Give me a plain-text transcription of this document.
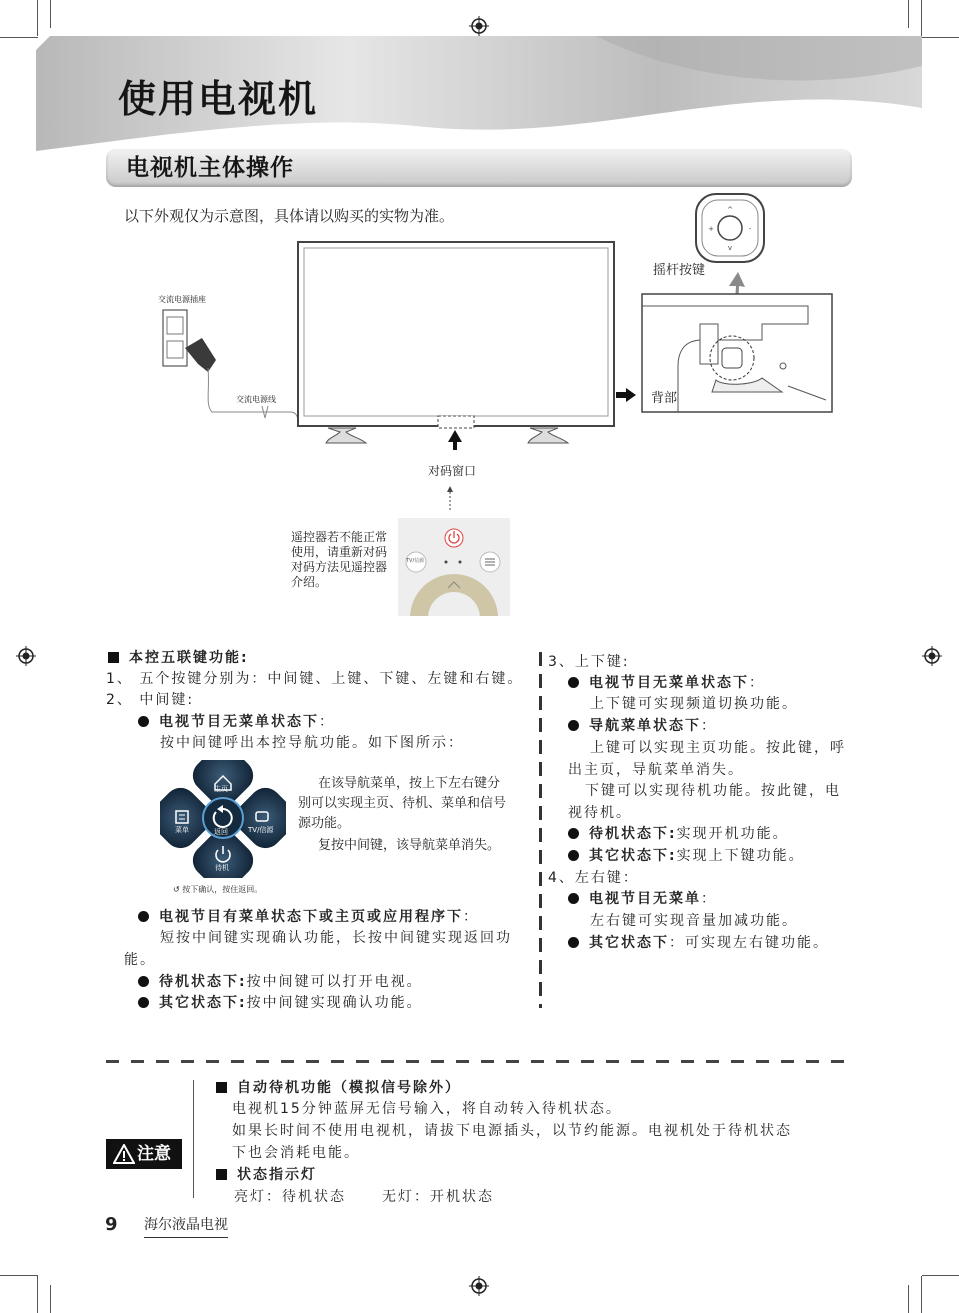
使用电视机
电视机主体操作
以下外观仅为示意图，具体请以购买的实物为准。
交流电源插座
交流电源线
对码窗口
^
v
+	-
摇杆按键
背部
遥控器若不能正常
使用，请重新对码
对码方法见遥控器
介绍。
TV/信源
本控五联键功能:
1、 五个按键分别为：中间键、上键、下键、左键和右键。
2、 中间键:
电视节目无菜单状态下：
按中间键呼出本控导航功能。如下图所示：
主页
菜单	返回	TV/信源
待机
↺ 按下确认，按住返回。
在该导航菜单，按上下左右键分
别可以实现主页、待机、菜单和信号
源功能。
复按中间键，该导航菜单消失。
电视节目有菜单状态下或主页或应用程序下：
短按中间键实现确认功能，长按中间键实现返回功
能。
待机状态下:按中间键可以打开电视。
其它状态下:按中间键实现确认功能。
3、上下键:
电视节目无菜单状态下：
上下键可实现频道切换功能。
导航菜单状态下：
上键可以实现主页功能。按此键，呼
出主页，导航菜单消失。
下键可以实现待机功能。按此键，电
视待机。
待机状态下:实现开机功能。
其它状态下:实现上下键功能。
4、左右键：
电视节目无菜单：
左右键可实现音量加减功能。
其它状态下：可实现左右键功能。
注意
自动待机功能（模拟信号除外）
电视机15分钟蓝屏无信号输入，将自动转入待机状态。
如果长时间不使用电视机，请拔下电源插头，以节约能源。电视机处于待机状态
下也会消耗电能。
状态指示灯
亮灯：待机状态	无灯：开机状态
9 海尔液晶电视
